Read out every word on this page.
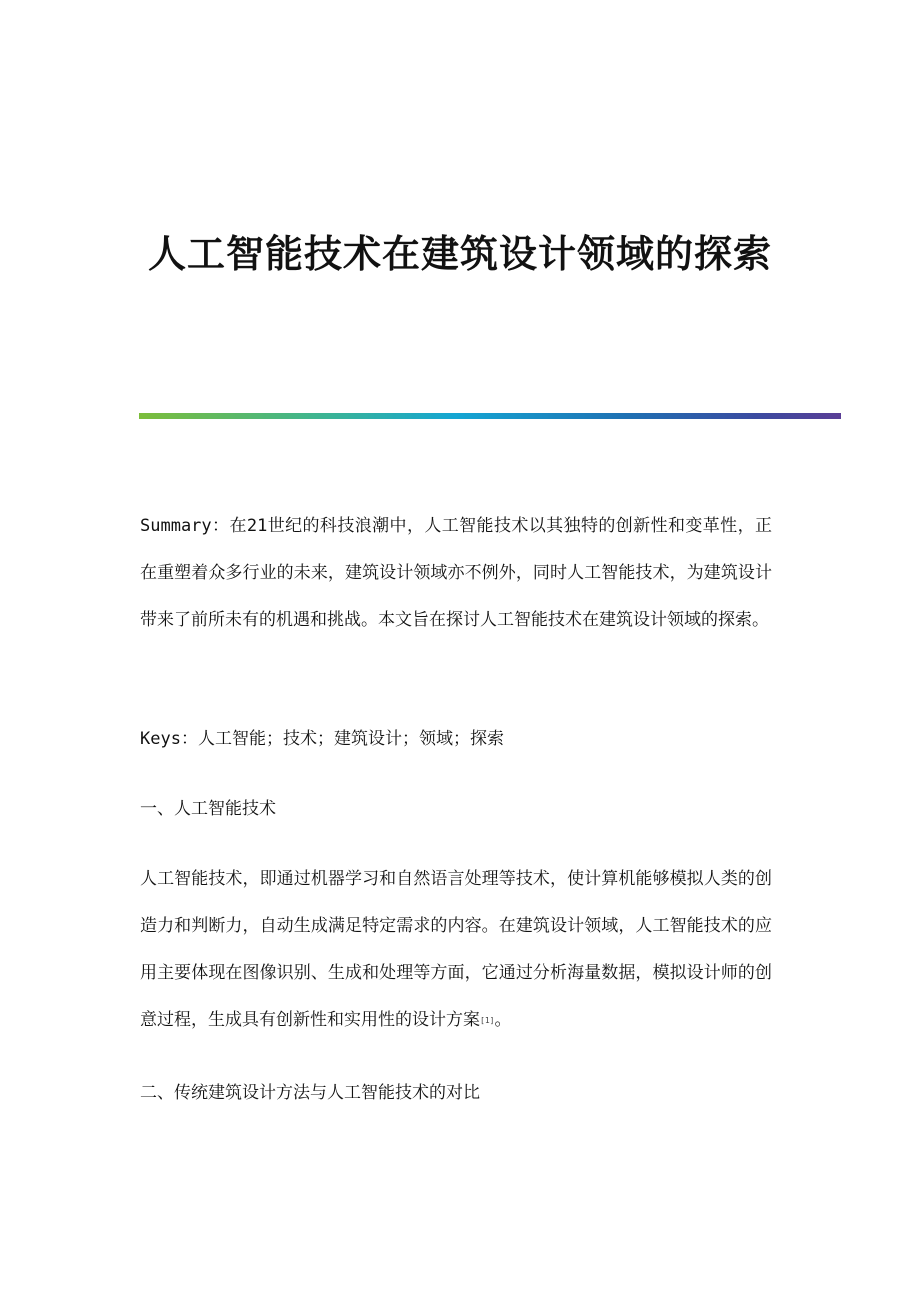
人工智能技术在建筑设计领域的探索

Summary：在21世纪的科技浪潮中，人工智能技术以其独特的创新性和变革性，正在重塑着众多行业的未来，建筑设计领域亦不例外，同时人工智能技术，为建筑设计带来了前所未有的机遇和挑战。本文旨在探讨人工智能技术在建筑设计领域的探索。

Keys：人工智能；技术；建筑设计；领域；探索

一、人工智能技术

人工智能技术，即通过机器学习和自然语言处理等技术，使计算机能够模拟人类的创造力和判断力，自动生成满足特定需求的内容。在建筑设计领域，人工智能技术的应用主要体现在图像识别、生成和处理等方面，它通过分析海量数据，模拟设计师的创意过程，生成具有创新性和实用性的设计方案[1]。

二、传统建筑设计方法与人工智能技术的对比
